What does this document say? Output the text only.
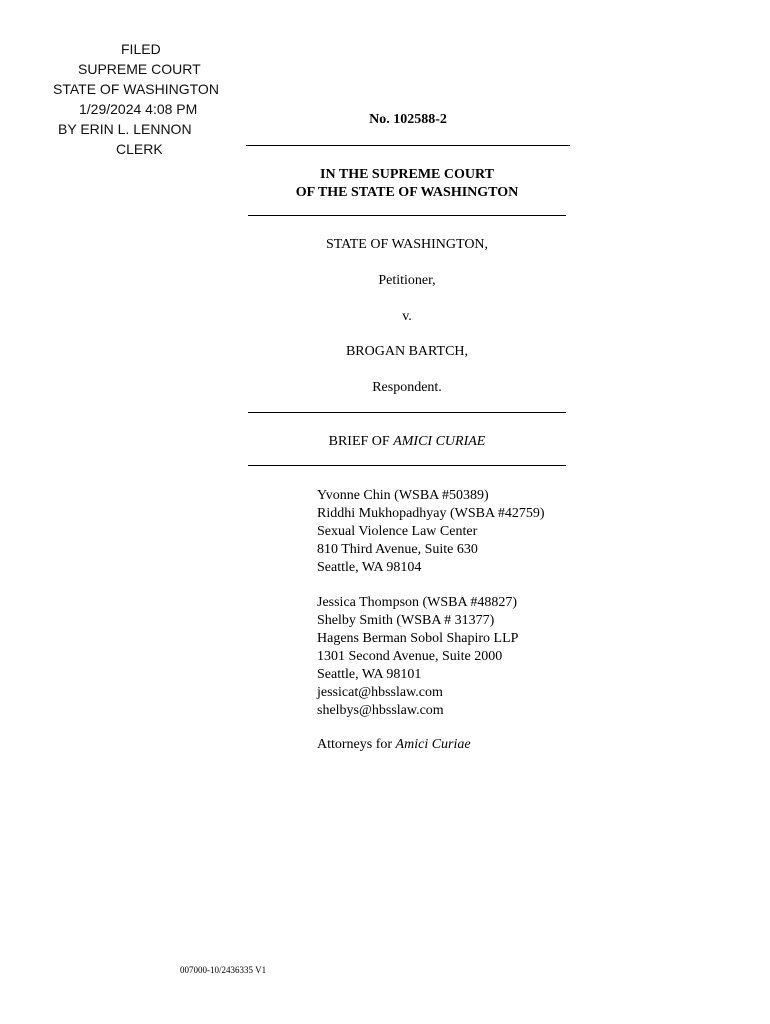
FILED
SUPREME COURT
STATE OF WASHINGTON
1/29/2024 4:08 PM
BY ERIN L. LENNON
CLERK
No. 102588-2
IN THE SUPREME COURT
OF THE STATE OF WASHINGTON
STATE OF WASHINGTON,
Petitioner,
v.
BROGAN BARTCH,
Respondent.
BRIEF OF AMICI CURIAE
Yvonne Chin (WSBA #50389)
Riddhi Mukhopadhyay (WSBA #42759)
Sexual Violence Law Center
810 Third Avenue, Suite 630
Seattle, WA 98104
Jessica Thompson (WSBA #48827)
Shelby Smith (WSBA # 31377)
Hagens Berman Sobol Shapiro LLP
1301 Second Avenue, Suite 2000
Seattle, WA 98101
jessicat@hbsslaw.com
shelbys@hbsslaw.com
Attorneys for Amici Curiae
007000-10/2436335 V1
